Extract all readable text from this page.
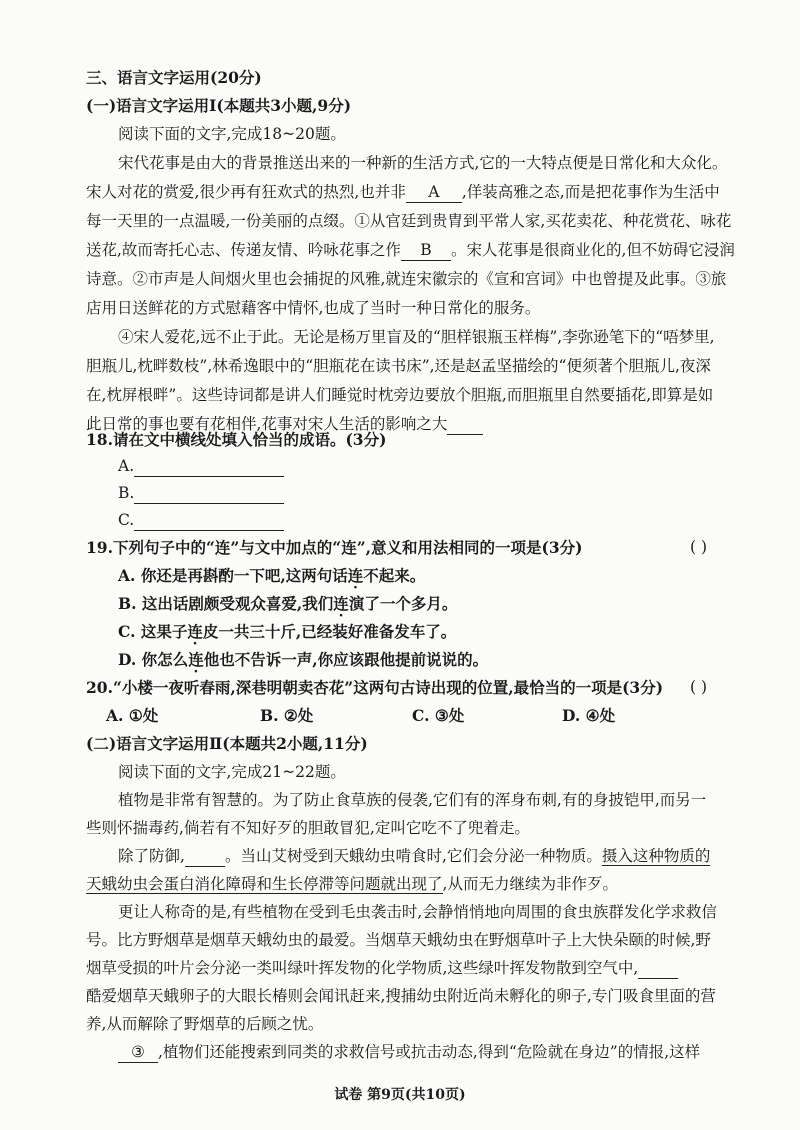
三、语言文字运用(20分)
(一)语言文字运用Ⅰ(本题共3小题,9分)
阅读下面的文字,完成18~20题。
宋代花事是由大的背景推送出来的一种新的生活方式,它的一大特点便是日常化和大众化。
宋人对花的赏爱,很少再有狂欢式的热烈,也并非 A ,佯装高雅之态,而是把花事作为生活中
每一天里的一点温暖,一份美丽的点缀。①从官廷到贵胄到平常人家,买花卖花、种花赏花、咏花
送花,故而寄托心志、传递友情、吟咏花事之作 B 。宋人花事是很商业化的,但不妨碍它浸润
诗意。②市声是人间烟火里也会捕捉的风雅,就连宋徽宗的《宣和宫词》中也曾提及此事。③旅
店用日送鲜花的方式慰藉客中情怀,也成了当时一种日常化的服务。
④宋人爱花,远不止于此。无论是杨万里盲及的“胆样银瓶玉样梅”,李弥逊笔下的“唔梦里,
胆瓶儿,枕畔数枝”,林希逸眼中的“胆瓶花在读书床”,还是赵孟坚描绘的“便须著个胆瓶儿,夜深
在,枕屏根畔”。这些诗词都是讲人们睡觉时枕旁边要放个胆瓶,而胆瓶里自然要插花,即算是如
此日常的事也要有花相伴,花事对宋人生活的影响之大
18.请在文中横线处填入恰当的成语。(3分)
A.
B.
C.
19.下列句子中的“连”与文中加点的“连”,意义和用法相同的一项是(3分)	( )
A. 你还是再斟酌一下吧,这两句话连不起来。
B. 这出话剧颇受观众喜爱,我们连演了一个多月。
C. 这果子连皮一共三十斤,已经装好准备发车了。
D. 你怎么连他也不告诉一声,你应该跟他提前说说的。
20.“小楼一夜听春雨,深巷明朝卖杏花”这两句古诗出现的位置,最恰当的一项是(3分) ( )
A. ①处	B. ②处	C. ③处	D. ④处
(二)语言文字运用Ⅱ(本题共2小题,11分)
阅读下面的文字,完成21~22题。
植物是非常有智慧的。为了防止食草族的侵袭,它们有的浑身布刺,有的身披铠甲,而另一
些则怀揣毒药,倘若有不知好歹的胆敢冒犯,定叫它吃不了兜着走。
除了防御,	。当山艾树受到天蛾幼虫啃食时,它们会分泌一种物质。摄入这种物质的
天蛾幼虫会蛋白消化障碍和生长停滞等问题就出现了,从而无力继续为非作歹。
更让人称奇的是,有些植物在受到毛虫袭击时,会静悄悄地向周围的食虫族群发化学求救信
号。比方野烟草是烟草天蛾幼虫的最爱。当烟草天蛾幼虫在野烟草叶子上大快朵颐的时候,野
烟草受损的叶片会分泌一类叫绿叶挥发物的化学物质,这些绿叶挥发物散到空气中,
酷爱烟草天蛾卵子的大眼长椿则会闻讯赶来,搜捕幼虫附近尚未孵化的卵子,专门吸食里面的营
养,从而解除了野烟草的后顾之忧。
③ ,植物们还能搜索到同类的求救信号或抗击动态,得到“危险就在身边”的情报,这样
试卷 第9页(共10页)
